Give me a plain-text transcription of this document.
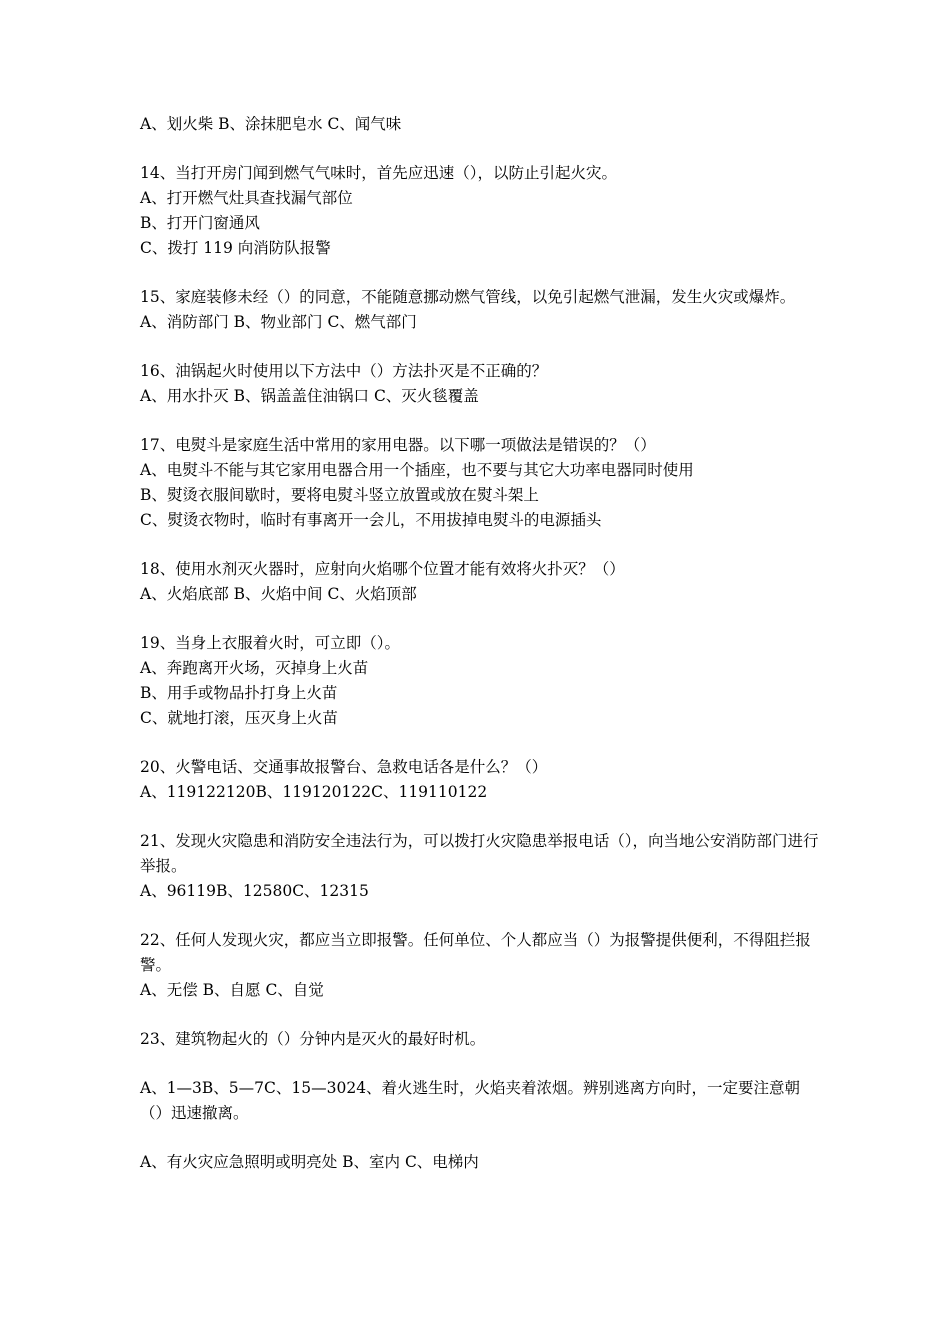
A、划火柴 B、涂抹肥皂水 C、闻气味
14、当打开房门闻到燃气气味时，首先应迅速（），以防止引起火灾。
A、打开燃气灶具查找漏气部位
B、打开门窗通风
C、拨打 119 向消防队报警
15、家庭装修未经（）的同意，不能随意挪动燃气管线，以免引起燃气泄漏，发生火灾或爆炸。
A、消防部门 B、物业部门 C、燃气部门
16、油锅起火时使用以下方法中（）方法扑灭是不正确的？
A、用水扑灭 B、锅盖盖住油锅口 C、灭火毯覆盖
17、电熨斗是家庭生活中常用的家用电器。以下哪一项做法是错误的？（）
A、电熨斗不能与其它家用电器合用一个插座，也不要与其它大功率电器同时使用
B、熨烫衣服间歇时，要将电熨斗竖立放置或放在熨斗架上
C、熨烫衣物时，临时有事离开一会儿，不用拔掉电熨斗的电源插头
18、使用水剂灭火器时，应射向火焰哪个位置才能有效将火扑灭？（）
A、火焰底部 B、火焰中间 C、火焰顶部
19、当身上衣服着火时，可立即（）。
A、奔跑离开火场，灭掉身上火苗
B、用手或物品扑打身上火苗
C、就地打滚，压灭身上火苗
20、火警电话、交通事故报警台、急救电话各是什么？（）
A、119122120B、119120122C、119110122
21、发现火灾隐患和消防安全违法行为，可以拨打火灾隐患举报电话（），向当地公安消防部门进行举报。
A、96119B、12580C、12315
22、任何人发现火灾，都应当立即报警。任何单位、个人都应当（）为报警提供便利，不得阻拦报警。
A、无偿 B、自愿 C、自觉
23、建筑物起火的（）分钟内是灭火的最好时机。
A、1—3B、5—7C、15—3024、着火逃生时，火焰夹着浓烟。辨别逃离方向时，一定要注意朝（）迅速撤离。
A、有火灾应急照明或明亮处 B、室内 C、电梯内
